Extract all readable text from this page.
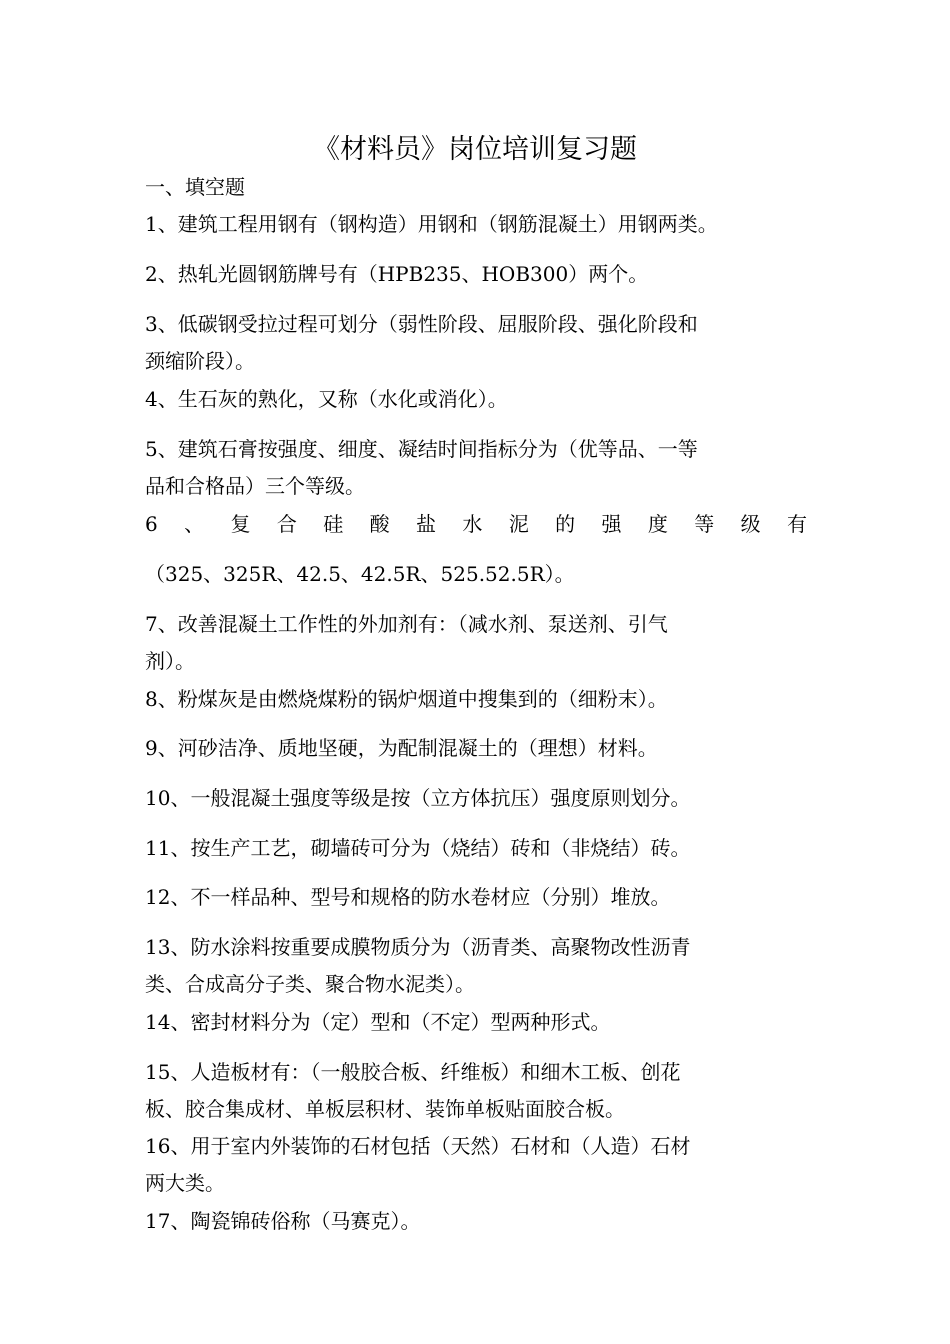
《材料员》岗位培训复习题
一、填空题
1、建筑工程用钢有（钢构造）用钢和（钢筋混凝土）用钢两类。
2、热轧光圆钢筋牌号有（HPB235、HOB300）两个。
3、低碳钢受拉过程可划分（弱性阶段、屈服阶段、强化阶段和
颈缩阶段）。
4、生石灰的熟化，又称（水化或消化）。
5、建筑石膏按强度、细度、凝结时间指标分为（优等品、一等
品和合格品）三个等级。
6 、 复 合 硅 酸 盐 水 泥 的 强 度 等 级 有
（325、325R、42.5、42.5R、525.52.5R）。
7、改善混凝土工作性的外加剂有：（减水剂、泵送剂、引气
剂）。
8、粉煤灰是由燃烧煤粉的锅炉烟道中搜集到的（细粉末）。
9、河砂洁净、质地坚硬，为配制混凝土的（理想）材料。
10、一般混凝土强度等级是按（立方体抗压）强度原则划分。
11、按生产工艺，砌墙砖可分为（烧结）砖和（非烧结）砖。
12、不一样品种、型号和规格的防水卷材应（分别）堆放。
13、防水涂料按重要成膜物质分为（沥青类、高聚物改性沥青
类、合成高分子类、聚合物水泥类）。
14、密封材料分为（定）型和（不定）型两种形式。
15、人造板材有：（一般胶合板、纤维板）和细木工板、创花
板、胶合集成材、单板层积材、装饰单板贴面胶合板。
16、用于室内外装饰的石材包括（天然）石材和（人造）石材
两大类。
17、陶瓷锦砖俗称（马赛克）。
